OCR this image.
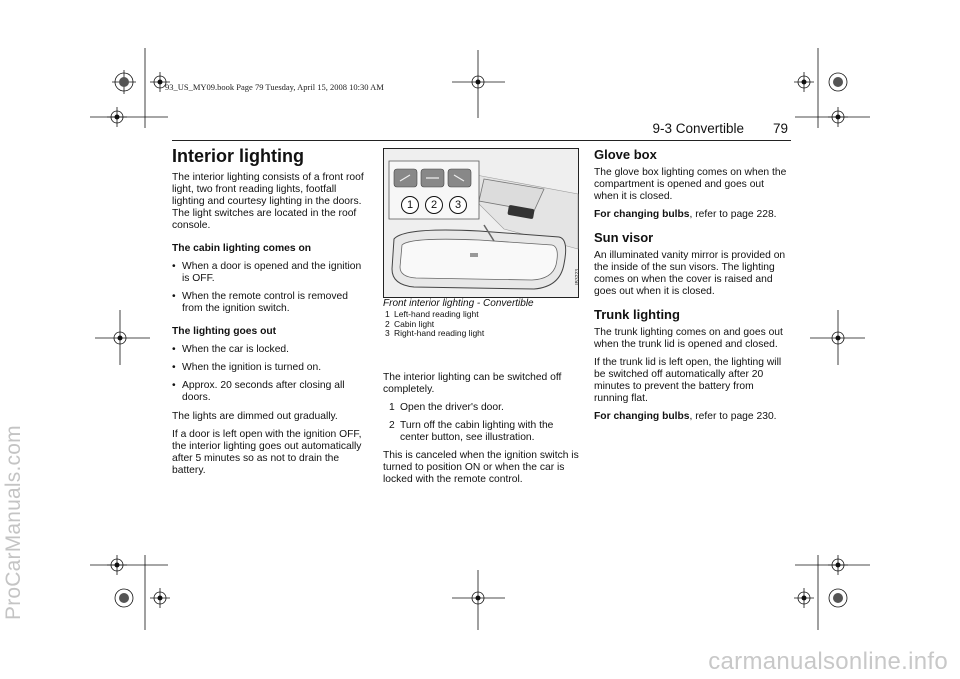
93_US_MY09.book Page 79 Tuesday, April 15, 2008 10:30 AM
ProCarManuals.com
9-3 Convertible 79
Interior lighting

The interior lighting consists of a front roof light, two front reading lights, footfall lighting and courtesy lighting in the doors. The light switches are located in the roof console.

The cabin lighting comes on

• When a door is opened and the ignition is OFF.

• When the remote control is removed from the ignition switch.

The lighting goes out

• When the car is locked.

• When the ignition is turned on.

• Approx. 20 seconds after closing all doors.

The lights are dimmed out gradually.

If a door is left open with the ignition OFF, the interior lighting goes out automatically after 5 minutes so as not to drain the battery.

1	2	3
IB3223

Front interior lighting - Convertible

1 Left-hand reading light

2 Cabin light

3 Right-hand reading light

The interior lighting can be switched off completely.

1 Open the driver's door.

2 Turn off the cabin lighting with the center button, see illustration.

This is canceled when the ignition switch is turned to position ON or when the car is locked with the remote control.

Glove box

The glove box lighting comes on when the compartment is opened and goes out when it is closed.

For changing bulbs, refer to page 228.

Sun visor

An illuminated vanity mirror is provided on the inside of the sun visors. The lighting comes on when the cover is raised and goes out when it is closed.

Trunk lighting

The trunk lighting comes on and goes out when the trunk lid is opened and closed.

If the trunk lid is left open, the lighting will be switched off automatically after 20 minutes to prevent the battery from running flat.

For changing bulbs, refer to page 230.

carmanualsonline.info
